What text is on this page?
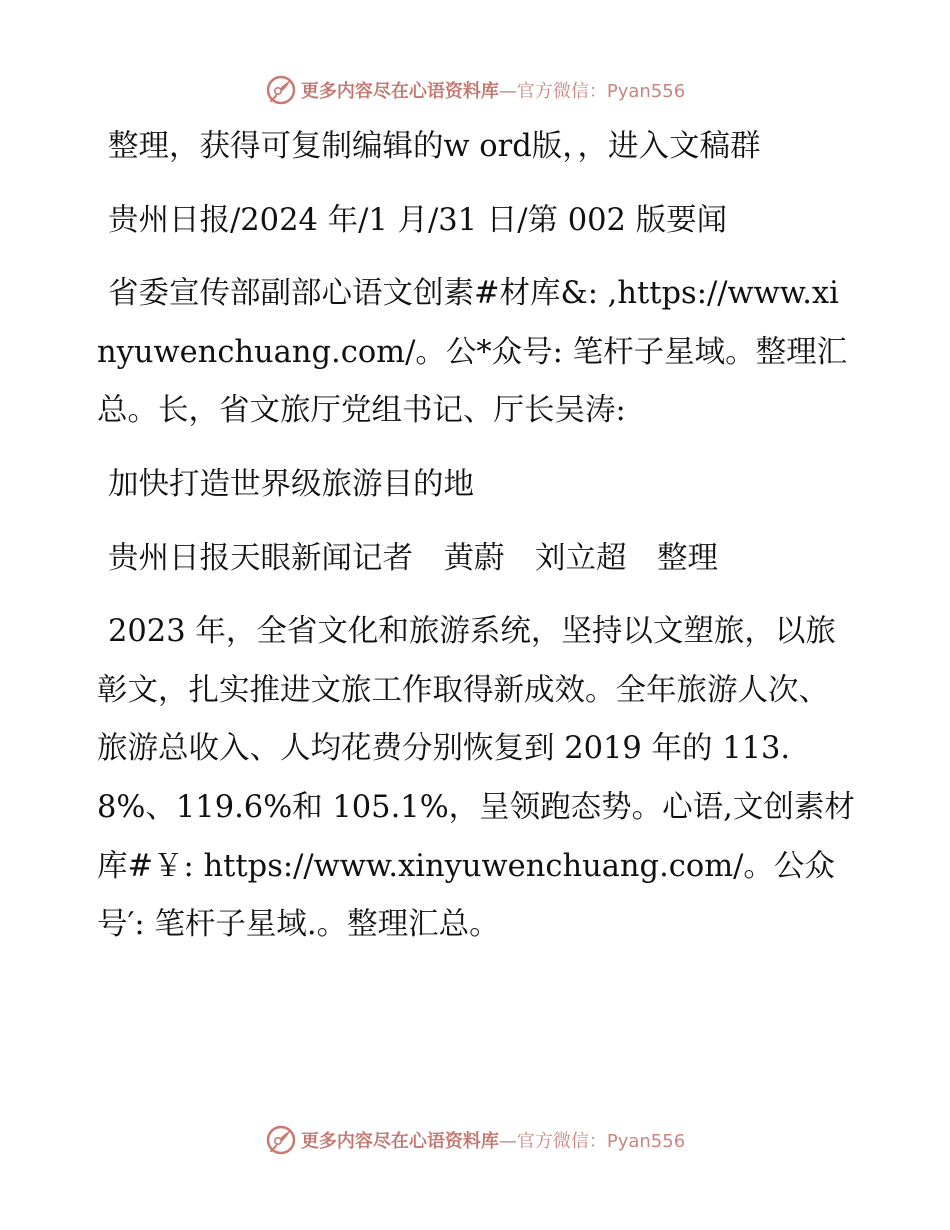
更多内容尽在心语资料库—官方微信：Pyan556

整理，获得可复制编辑的w ord版，，进入文稿群

贵州日报/2024 年/1 月/31 日/第 002 版要闻

省委宣传部副部心语文创素#材库&: ,https://www.xinyuwenchuang.com/。公*众号: 笔杆子星域。整理汇总。长，省文旅厅党组书记、厅长吴涛:

加快打造世界级旅游目的地

贵州日报天眼新闻记者　黄蔚　刘立超　整理

2023 年，全省文化和旅游系统，坚持以文塑旅，以旅彰文，扎实推进文旅工作取得新成效。全年旅游人次、旅游总收入、人均花费分别恢复到 2019 年的 113.8%、119.6%和 105.1%，呈领跑态势。心语,文创素材库#￥: https://www.xinyuwenchuang.com/。公众号′: 笔杆子星域.。整理汇总。

更多内容尽在心语资料库—官方微信：Pyan556
